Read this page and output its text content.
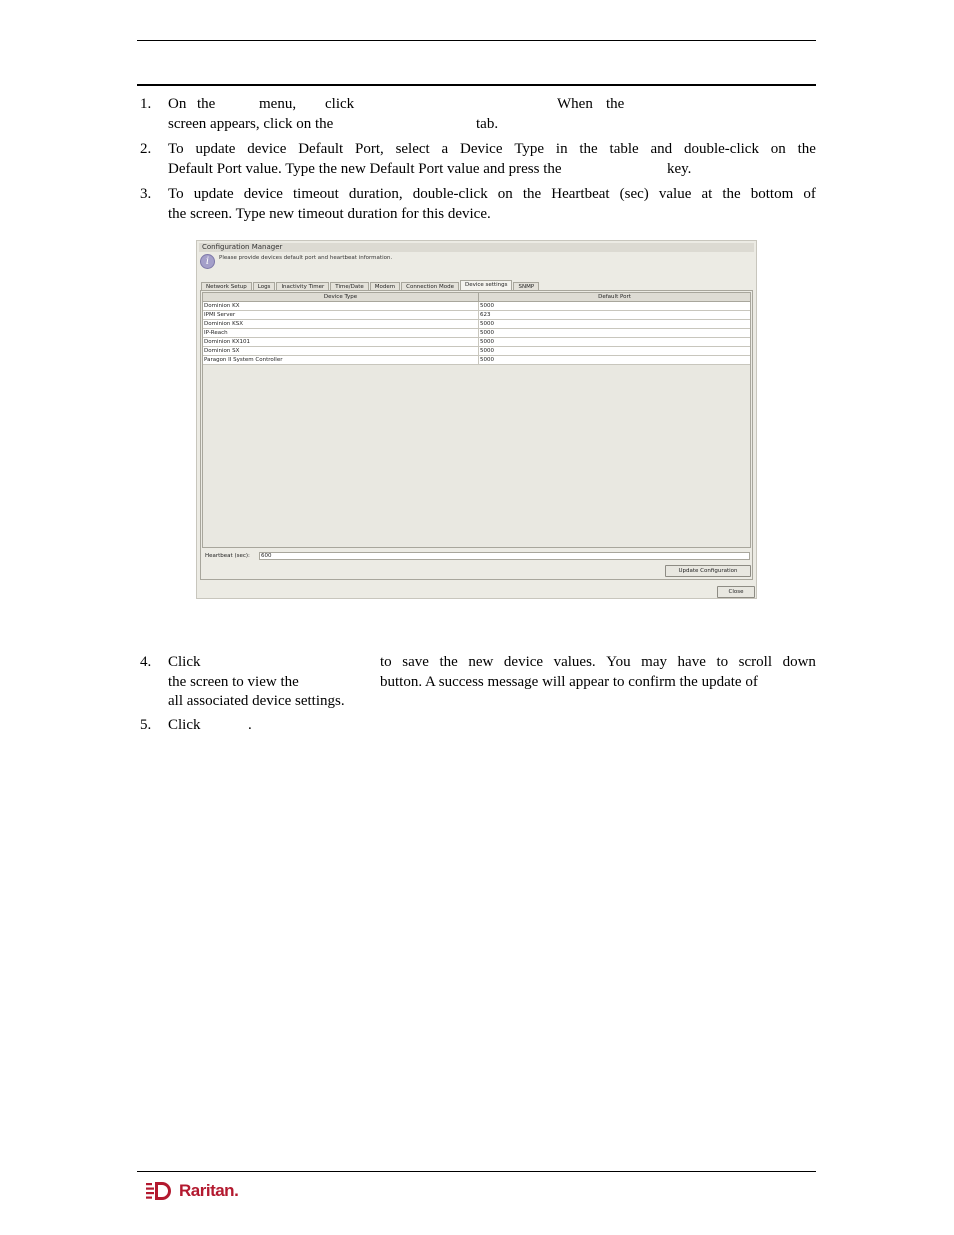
1. On the	menu, click	When the
screen appears, click on the	tab.
2. To update device Default Port, select a Device Type in the table and double-click on the
Default Port value. Type the new Default Port value and press the	key.
3. To update device timeout duration, double-click on the Heartbeat (sec) value at the bottom of
the screen. Type new timeout duration for this device.
Configuration Manager
i	Please provide devices default port and heartbeat information.
Network Setup	Logs	Inactivity Timer	Time/Date	Modem	Connection Mode	Device settings	SNMP
Device Type	Default Port
Dominion KX	5000
IPMI Server	623
Dominion KSX	5000
IP-Reach	5000
Dominion KX101	5000
Dominion SX	5000
Paragon II System Controller	5000
Heartbeat (sec):	600
Update Configuration
Close
4. Click	to save the new device values. You may have to scroll down
the screen to view the	button. A success message will appear to confirm the update of
all associated device settings.
5. Click	.
Raritan.
